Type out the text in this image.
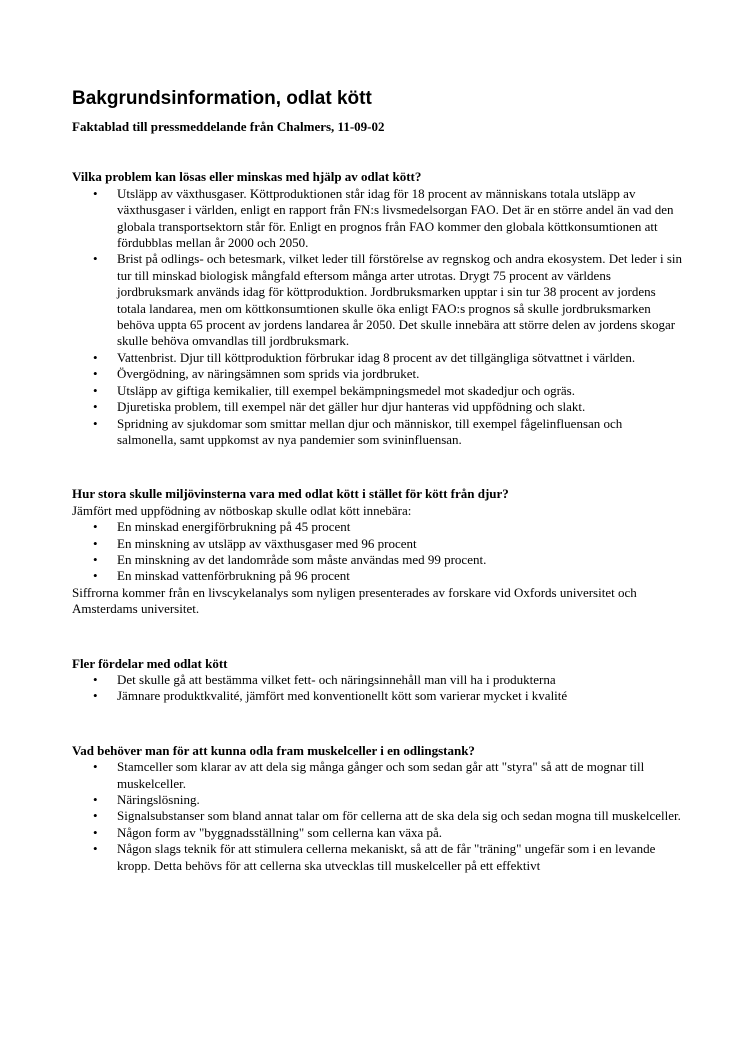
Bakgrundsinformation, odlat kött

Faktablad till pressmeddelande från Chalmers, 11-09-02

Vilka problem kan lösas eller minskas med hjälp av odlat kött?

• Utsläpp av växthusgaser. Köttproduktionen står idag för 18 procent av människans totala utsläpp av växthusgaser i världen, enligt en rapport från FN:s livsmedelsorgan FAO. Det är en större andel än vad den globala transportsektorn står för. Enligt en prognos från FAO kommer den globala köttkonsumtionen att fördubblas mellan år 2000 och 2050.
• Brist på odlings- och betesmark, vilket leder till förstörelse av regnskog och andra ekosystem. Det leder i sin tur till minskad biologisk mångfald eftersom många arter utrotas. Drygt 75 procent av världens jordbruksmark används idag för köttproduktion. Jordbruksmarken upptar i sin tur 38 procent av jordens totala landarea, men om köttkonsumtionen skulle öka enligt FAO:s prognos så skulle jordbruksmarken behöva uppta 65 procent av jordens landarea år 2050. Det skulle innebära att större delen av jordens skogar skulle behöva omvandlas till jordbruksmark.
• Vattenbrist. Djur till köttproduktion förbrukar idag 8 procent av det tillgängliga sötvattnet i världen.
• Övergödning, av näringsämnen som sprids via jordbruket.
• Utsläpp av giftiga kemikalier, till exempel bekämpningsmedel mot skadedjur och ogräs.
• Djuretiska problem, till exempel när det gäller hur djur hanteras vid uppfödning och slakt.
• Spridning av sjukdomar som smittar mellan djur och människor, till exempel fågelinfluensan och salmonella, samt uppkomst av nya pandemier som svininfluensan.

Hur stora skulle miljövinsterna vara med odlat kött i stället för kött från djur?

Jämfört med uppfödning av nötboskap skulle odlat kött innebära:

• En minskad energiförbrukning på 45 procent
• En minskning av utsläpp av växthusgaser med 96 procent
• En minskning av det landområde som måste användas med 99 procent.
• En minskad vattenförbrukning på 96 procent

Siffrorna kommer från en livscykelanalys som nyligen presenterades av forskare vid Oxfords universitet och Amsterdams universitet.

Fler fördelar med odlat kött

• Det skulle gå att bestämma vilket fett- och näringsinnehåll man vill ha i produkterna
• Jämnare produktkvalité, jämfört med konventionellt kött som varierar mycket i kvalité

Vad behöver man för att kunna odla fram muskelceller i en odlingstank?

• Stamceller som klarar av att dela sig många gånger och som sedan går att "styra" så att de mognar till muskelceller.
• Näringslösning.
• Signalsubstanser som bland annat talar om för cellerna att de ska dela sig och sedan mogna till muskelceller.
• Någon form av "byggnadsställning" som cellerna kan växa på.
• Någon slags teknik för att stimulera cellerna mekaniskt, så att de får "träning" ungefär som i en levande kropp. Detta behövs för att cellerna ska utvecklas till muskelceller på ett effektivt
